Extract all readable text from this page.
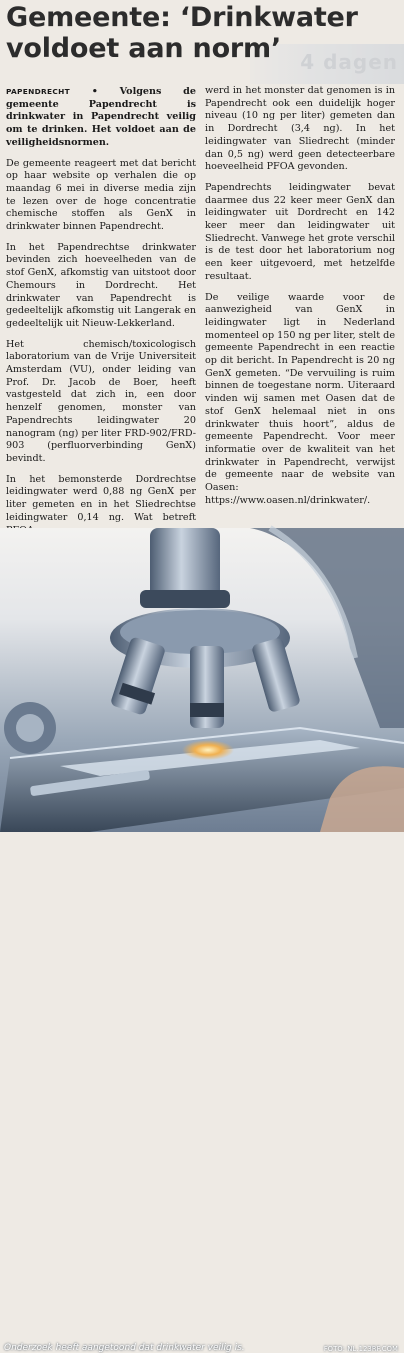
4 dagen
Gemeente: ‘Drinkwater voldoet aan norm’

PAPENDRECHT • Volgens de gemeente Papendrecht is drinkwater in Papendrecht veilig om te drinken. Het voldoet aan de veiligheidsnormen.

De gemeente reageert met dat bericht op haar website op verhalen die op maandag 6 mei in diverse media zijn te lezen over de hoge concentratie chemische stoffen als GenX in drinkwater binnen Papendrecht.

In het Papendrechtse drinkwater bevinden zich hoeveelheden van de stof GenX, afkomstig van uitstoot door Chemours in Dordrecht. Het drinkwater van Papendrecht is gedeeltelijk afkomstig uit Langerak en gedeeltelijk uit Nieuw-Lekkerland.

Het chemisch/toxicologisch laboratorium van de Vrije Universiteit Amsterdam (VU), onder leiding van Prof. Dr. Jacob de Boer, heeft vastgesteld dat zich in, een door henzelf genomen, monster van Papendrechts leidingwater 20 nanogram (ng) per liter FRD-902/FRD-903 (perfluorverbinding GenX) bevindt.

In het bemonsterde Dordrechtse leidingwater werd 0,88 ng GenX per liter gemeten en in het Sliedrechtse leidingwater 0,14 ng. Wat betreft

werd in het monster dat genomen is in Papendrecht ook een duidelijk hoger niveau (10 ng per liter) gemeten dan in Dordrecht (3,4 ng). In het leidingwater van Sliedrecht (minder dan 0,5 ng) werd geen detecteerbare hoeveelheid PFOA gevonden.

Papendrechts leidingwater bevat daarmee dus 22 keer meer GenX dan leidingwater uit Dordrecht en 142 keer meer dan leidingwater uit Sliedrecht. Vanwege het grote verschil is de test door het laboratorium nog een keer uitgevoerd, met hetzelfde resultaat.

De veilige waarde voor de aanwezigheid van GenX in leidingwater ligt in Nederland momenteel op 150 ng per liter, stelt de gemeente Papendrecht in een reactie op dit bericht. In Papendrecht is 20 ng GenX gemeten. “De vervuiling is ruim binnen de toegestane norm. Uiteraard vinden wij samen met Oasen dat de stof GenX helemaal niet in ons drinkwater thuis hoort”, aldus de gemeente Papendrecht. Voor meer informatie over de kwaliteit van het drinkwater in Papendrecht, verwijst de gemeente naar de website van Oasen: https://www.oasen.nl/drinkwater/.

Onderzoek heeft aangetoond dat drinkwater veilig is.	FOTO: NL.123RF.COM
